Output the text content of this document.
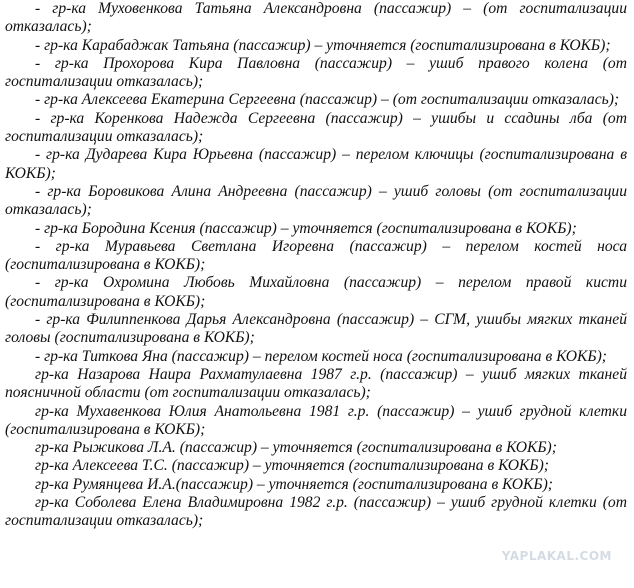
- гр-ка Муховенкова Татьяна Александровна (пассажир) – (от госпитализации отказалась);

- гр-ка Карабаджак Татьяна (пассажир) – уточняется (госпитализирована в КОКБ);

- гр-ка Прохорова Кира Павловна (пассажир) – ушиб правого колена (от госпитализации отказалась);

- гр-ка Алексеева Екатерина Сергеевна (пассажир) – (от госпитализации отказалась);

- гр-ка Коренкова Надежда Сергеевна (пассажир) – ушибы и ссадины лба (от госпитализации отказалась);

- гр-ка Дударева Кира Юрьевна (пассажир) – перелом ключицы (госпитализирована в КОКБ);

- гр-ка Боровикова Алина Андреевна (пассажир) – ушиб головы (от госпитализации отказалась);

- гр-ка Бородина Ксения (пассажир) – уточняется (госпитализирована в КОКБ);

- гр-ка Муравьева Светлана Игоревна (пассажир) – перелом костей носа (госпитализирована в КОКБ);

- гр-ка Охромина Любовь Михайловна (пассажир) – перелом правой кисти (госпитализирована в КОКБ);

- гр-ка Филиппенкова Дарья Александровна (пассажир) – СГМ, ушибы мягких тканей головы (госпитализирована в КОКБ);

- гр-ка Титкова Яна (пассажир) – перелом костей носа (госпитализирована в КОКБ);

гр-ка Назарова Наира Рахматулаевна 1987 г.р. (пассажир) – ушиб мягких тканей поясничной области (от госпитализации отказалась);

гр-ка Мухавенкова Юлия Анатольевна 1981 г.р. (пассажир) – ушиб грудной клетки (госпитализирована в КОКБ);

гр-ка Рыжикова Л.А. (пассажир) – уточняется (госпитализирована в КОКБ);

гр-ка Алексеева Т.С. (пассажир) – уточняется (госпитализирована в КОКБ);

гр-ка Румянцева И.А.(пассажир) – уточняется (госпитализирована в КОКБ);

гр-ка Соболева Елена Владимировна 1982 г.р. (пассажир) – ушиб грудной клетки (от госпитализации отказалась);

YAPLAKAL.COM
